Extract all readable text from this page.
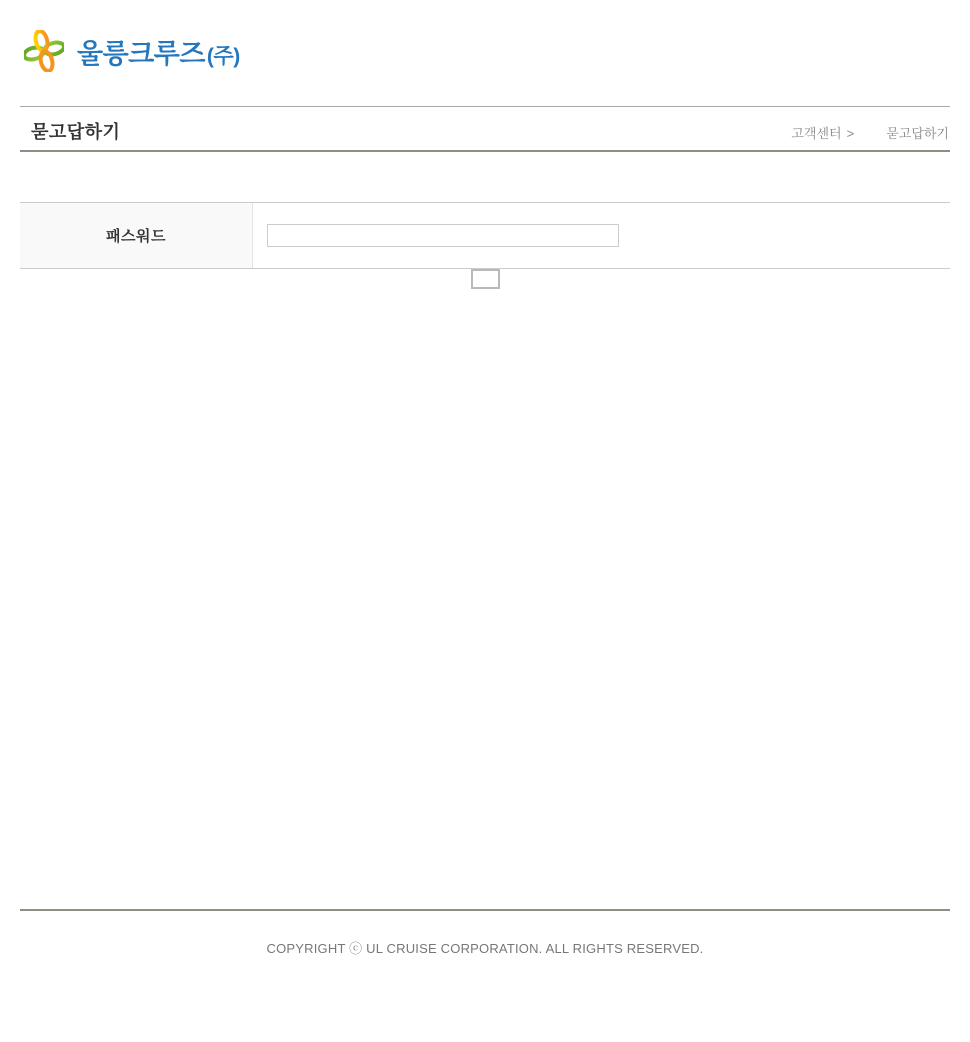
울릉크루즈(주)
묻고답하기	고객센터 > 묻고답하기
패스워드
COPYRIGHT ⓒ UL CRUISE CORPORATION. ALL RIGHTS RESERVED.
